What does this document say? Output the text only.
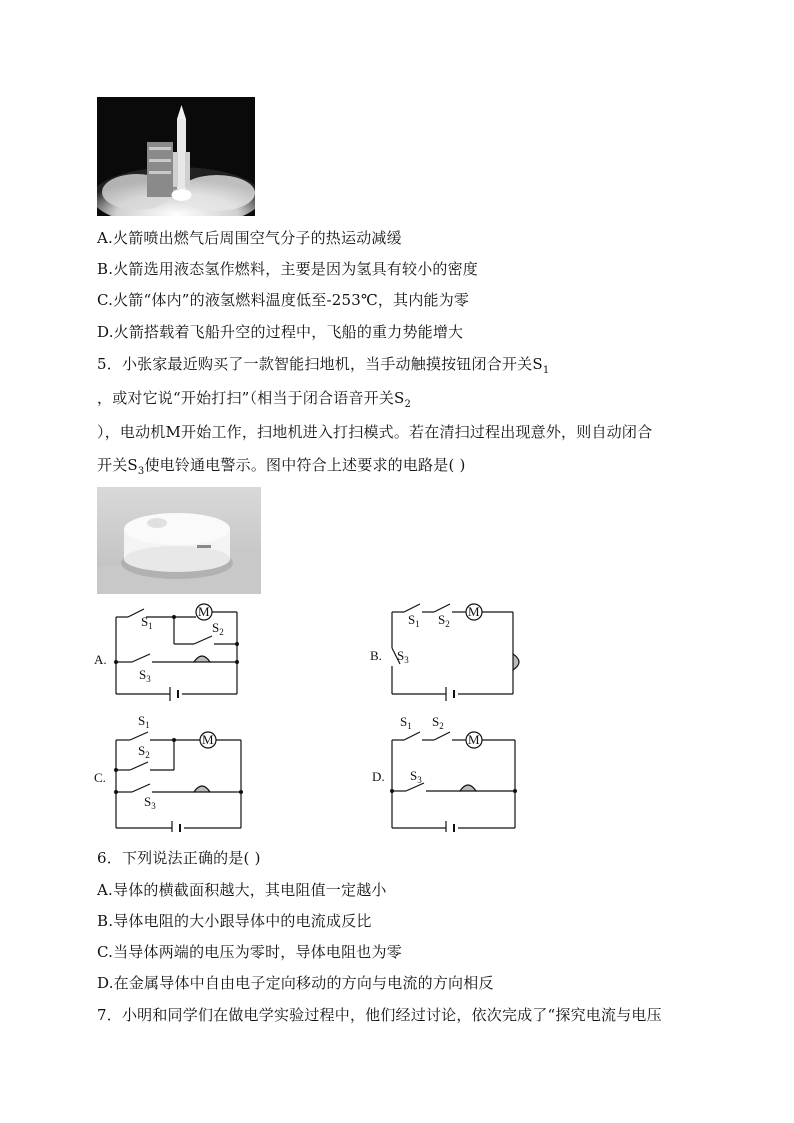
A.火箭喷出燃气后周围空气分子的热运动减缓
B.火箭选用液态氢作燃料，主要是因为氢具有较小的密度
C.火箭“体内”的液氢燃料温度低至-253℃，其内能为零
D.火箭搭载着飞船升空的过程中，飞船的重力势能增大
5．小张家最近购买了一款智能扫地机，当手动触摸按钮闭合开关$S_1$
，或对它说“开始打扫”（相当于闭合语音开关$S_2$
），电动机M开始工作，扫地机进入打扫模式。若在清扫过程出现意外，则自动闭合
开关$S_3$使电铃通电警示。图中符合上述要求的电路是( )
M
A.
$S_1$	$S_2$
$S_3$
M
B.
$S_1$ $S_2$
$S_3$
M
C.
$S_1$
$S_2$
$S_3$
M
D.
$S_1$ $S_2$
$S_3$
6．下列说法正确的是( )
A.导体的横截面积越大，其电阻值一定越小
B.导体电阻的大小跟导体中的电流成反比
C.当导体两端的电压为零时，导体电阻也为零
D.在金属导体中自由电子定向移动的方向与电流的方向相反
7．小明和同学们在做电学实验过程中，他们经过讨论，依次完成了“探究电流与电压
